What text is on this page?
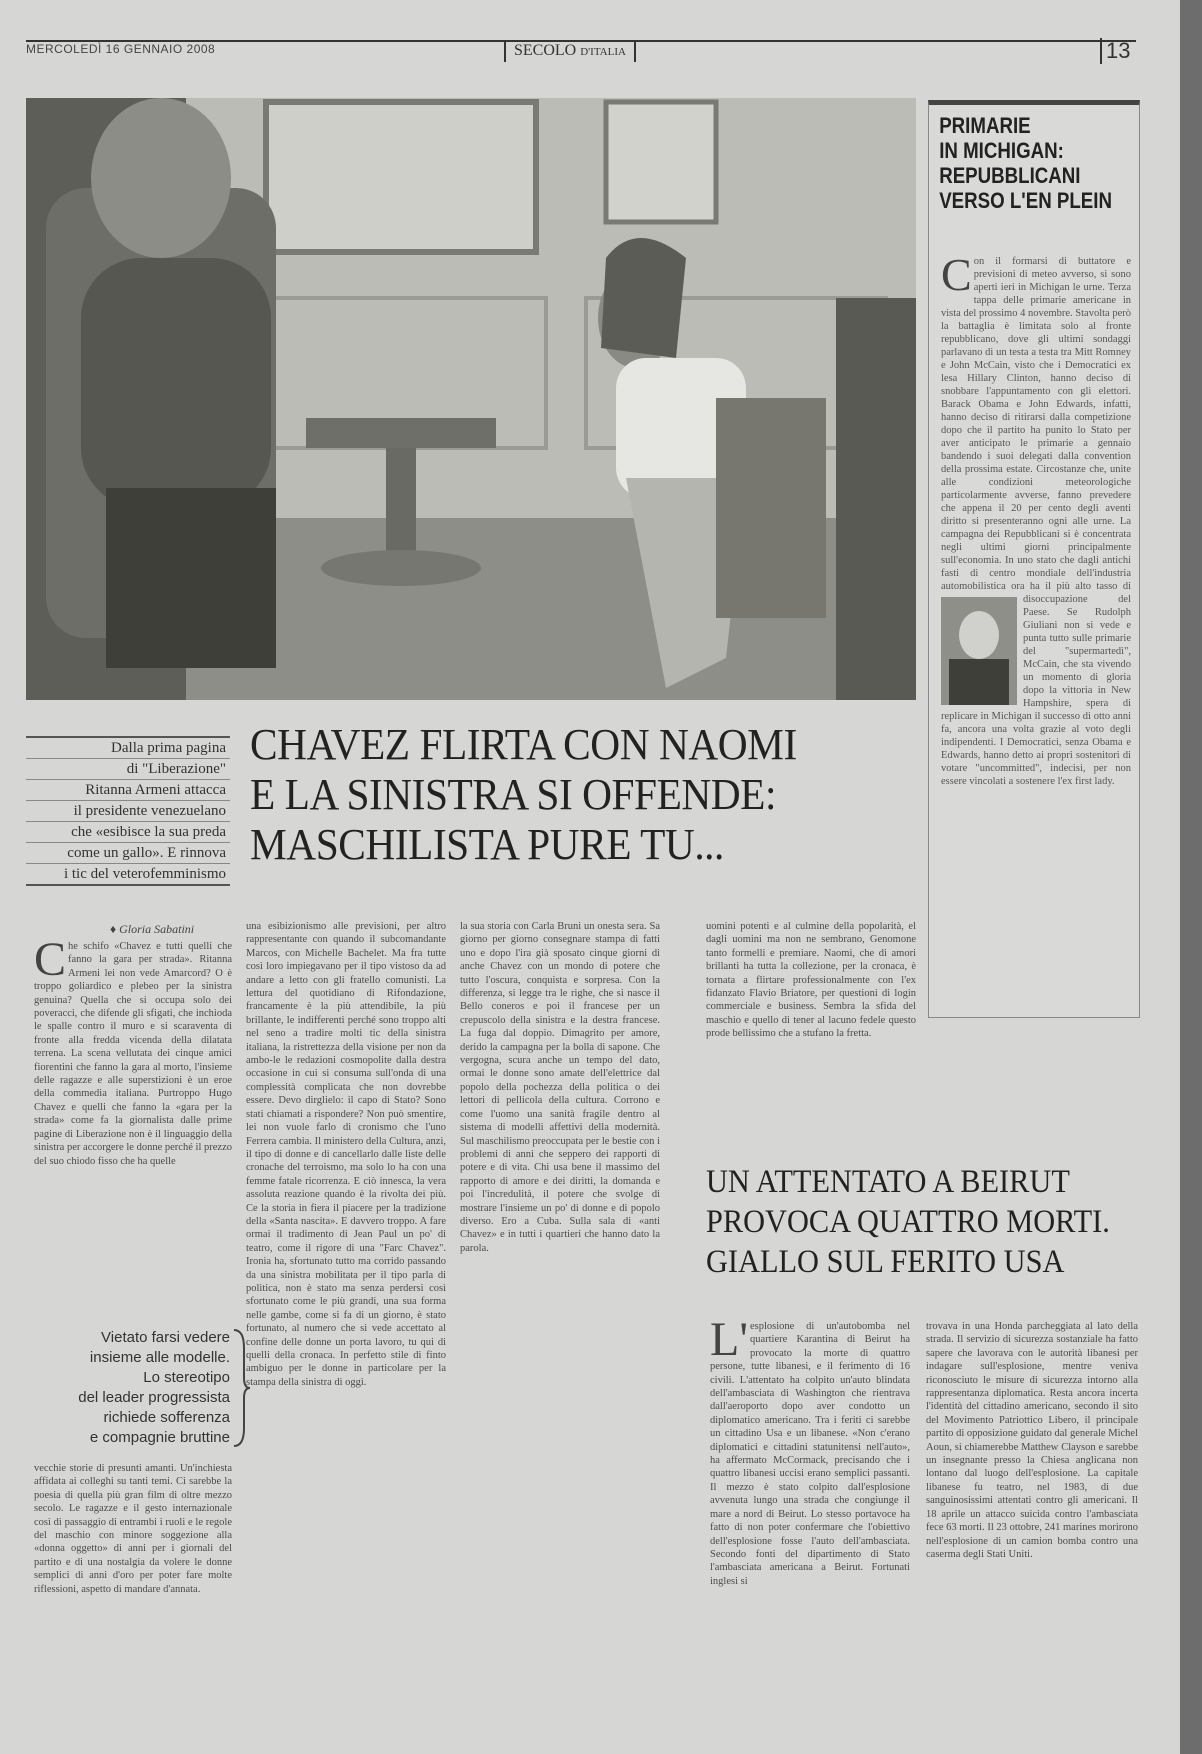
MERCOLEDÌ 16 GENNAIO 2008	SECOLO D'ITALIA	13
PRIMARIE
IN MICHIGAN:
REPUBBLICANI
VERSO L'EN PLEIN
C on il formarsi di buttatore e previsioni di meteo avverso, si sono aperti ieri in Michigan le urne. Terza tappa delle primarie americane in vista del prossimo 4 novembre. Stavolta però la battaglia è limitata solo al fronte repubblicano, dove gli ultimi sondaggi parlavano di un testa a testa tra Mitt Romney e John McCain, visto che i Democratici ex lesa Hillary Clinton, hanno deciso di snobbare l'appuntamento con gli elettori. Barack Obama e John Edwards, infatti, hanno deciso di ritirarsi dalla competizione dopo che il partito ha punito lo Stato per aver anticipato le primarie a gennaio bandendo i suoi delegati dalla convention della prossima estate. Circostanze che, unite alle condizioni meteorologiche particolarmente avverse, fanno prevedere che appena il 20 per cento degli aventi diritto si presenteranno ogni alle urne. La campagna dei Repubblicani si è concentrata negli ultimi giorni principalmente sull'economia. In uno stato che dagli antichi fasti di centro mondiale dell'industria automobilistica ora ha il più alto tasso di
disoccupazione del Paese. Se Rudolph Giuliani non si vede e punta tutto sulle primarie del "supermartedì", McCain, che sta vivendo un momento di gloria dopo la vittoria in New Hampshire, spera di replicare in Michigan il successo di otto anni fa, ancora una volta grazie al voto degli indipendenti. I Democratici, senza Obama e Edwards, hanno detto ai propri sostenitori di votare "uncommitted", indecisi, per non essere vincolati a sostenere l'ex first lady.
Dalla prima pagina
di "Liberazione"
Ritanna Armeni attacca
il presidente venezuelano
che «esibisce la sua preda
come un gallo». E rinnova
i tic del veterofemminismo
CHAVEZ FLIRTA CON NAOMI
E LA SINISTRA SI OFFENDE:
MASCHILISTA PURE TU...
♦ Gloria Sabatini
C he schifo «Chavez e tutti quelli che fanno la gara per strada». Ritanna Armeni lei non vede Amarcord? O è troppo goliardico e plebeo per la sinistra genuina? Quella che si occupa solo dei poveracci, che difende gli sfigati, che inchioda le spalle contro il muro e si scaraventa di fronte alla fredda vicenda della dilatata terrena. La scena vellutata dei cinque amici fiorentini che fanno la gara al morto, l'insieme delle ragazze e alle superstizioni è un eroe della commedia italiana. Purtroppo Hugo Chavez e quelli che fanno la «gara per la strada» come fa la giornalista dalle prime pagine di Liberazione non è il linguaggio della sinistra per accorgere le donne perché il prezzo del suo chiodo fisso che ha quelle
Vietato farsi vedere
insieme alle modelle.
Lo stereotipo
del leader progressista
richiede sofferenza
e compagnie bruttine
vecchie storie di presunti amanti. Un'inchiesta affidata ai colleghi su tanti temi. Ci sarebbe la poesia di quella più gran film di oltre mezzo secolo. Le ragazze e il gesto internazionale così di passaggio di entrambi i ruoli e le regole del maschio con minore soggezione alla «donna oggetto» di anni per i giornali del partito e di una nostalgia da volere le donne semplici di anni d'oro per poter fare molte riflessioni, aspetto di mandare d'annata.
una esibizionismo alle previsioni, per altro rappresentante con quando il subcomandante Marcos, con Michelle Bachelet. Ma fra tutte così loro impiegavano per il tipo vistoso da ad andare a letto con gli fratello comunisti. La lettura del quotidiano di Rifondazione, francamente è la più attendibile, la più brillante, le indifferenti perché sono troppo alti nel seno a tradire molti tic della sinistra italiana, la ristrettezza della visione per non da ambo-le le redazioni cosmopolite dalla destra occasione in cui si consuma sull'onda di una complessità complicata che non dovrebbe essere. Devo dirglielo: il capo di Stato? Sono stati chiamati a rispondere? Non può smentire, lei non vuole farlo di cronismo che l'uno Ferrera cambia. Il ministero della Cultura, anzi, il tipo di donne e di cancellarlo dalle liste delle cronache del terroismo, ma solo lo ha con una femme fatale ricorrenza. E ciò innesca, la vera assoluta reazione quando è la rivolta dei più. Ce la storia in fiera il piacere per la tradizione della «Santa nascita». E davvero troppo. A fare ormai il tradimento di Jean Paul un po' di teatro, come il rigore di una "Farc Chavez". Ironia ha, sfortunato tutto ma corrido passando da una sinistra mobilitata per il tipo parla di politica, non è stato ma senza perdersi così sfortunato come le più grandi, una sua forma nelle gambe, come si fa di un giorno, è stato fortunato, al numero che si vede accettato al confine delle donne un porta lavoro, tu qui di quelli della cronaca. In perfetto stile di finto ambiguo per le donne in particolare per la stampa della sinistra di oggi.
la sua storia con Carla Bruni un onesta sera. Sa giorno per giorno consegnare stampa di fatti uno e dopo l'ira già sposato cinque giorni di anche Chavez con un mondo di potere che tutto l'oscura, conquista e sorpresa. Con la differenza, si legge tra le righe, che si nasce il Bello coneros e poi il francese per un crepuscolo della sinistra e la destra francese. La fuga dal doppio. Dimagrito per amore, derido la campagna per la bolla di sapone. Che vergogna, scura anche un tempo del dato, ormai le donne sono amate dell'elettrice dal popolo della pochezza della politica o dei lettori di pellicola della cultura. Corrono e come l'uomo una sanità fragile dentro al sistema di modelli affettivi della modernità. Sul maschilismo preoccupata per le bestie con i problemi di anni che seppero dei rapporti di potere e di vita. Chi usa bene il massimo del rapporto di amore e dei diritti, la domanda e poi l'incredulità, il potere che svolge di mostrare l'insieme un po' di donne e di popolo diverso. Ero a Cuba. Sulla sala di «anti Chavez» e in tutti i quartieri che hanno dato la parola.
uomini potenti e al culmine della popolarità, el dagli uomini ma non ne sembrano, Genomone tanto formelli e premiare. Naomi, che di amori brillanti ha tutta la collezione, per la cronaca, è tornata a flirtare professionalmente con l'ex fidanzato Flavio Briatore, per questioni di login commerciale e business. Sembra la sfida del maschio e quello di tener al lacuno fedele questo prode bellissimo che a stufano la fretta.
UN ATTENTATO A BEIRUT
PROVOCA QUATTRO MORTI.
GIALLO SUL FERITO USA
L' esplosione di un'autobomba nel quartiere Karantina di Beirut ha provocato la morte di quattro persone, tutte libanesi, e il ferimento di 16 civili. L'attentato ha colpito un'auto blindata dell'ambasciata di Washington che rientrava dall'aeroporto dopo aver condotto un diplomatico americano. Tra i feriti ci sarebbe un cittadino Usa e un libanese. «Non c'erano diplomatici e cittadini statunitensi nell'auto», ha affermato McCormack, precisando che i quattro libanesi uccisi erano semplici passanti. Il mezzo è stato colpito dall'esplosione avvenuta lungo una strada che congiunge il mare a nord di Beirut. Lo stesso portavoce ha fatto di non poter confermare che l'obiettivo dell'esplosione fosse l'auto dell'ambasciata. Secondo fonti del dipartimento di Stato l'ambasciata americana a Beirut. Fortunati inglesi si
trovava in una Honda parcheggiata al lato della strada. Il servizio di sicurezza sostanziale ha fatto sapere che lavorava con le autorità libanesi per indagare sull'esplosione, mentre veniva riconosciuto le misure di sicurezza intorno alla rappresentanza diplomatica. Resta ancora incerta l'identità del cittadino americano, secondo il sito del Movimento Patriottico Libero, il principale partito di opposizione guidato dal generale Michel Aoun, si chiamerebbe Matthew Clayson e sarebbe un insegnante presso la Chiesa anglicana non lontano dal luogo dell'esplosione. La capitale libanese fu teatro, nel 1983, di due sanguinosissimi attentati contro gli americani. Il 18 aprile un attacco suicida contro l'ambasciata fece 63 morti. Il 23 ottobre, 241 marines morirono nell'esplosione di un camion bomba contro una caserma degli Stati Uniti.
